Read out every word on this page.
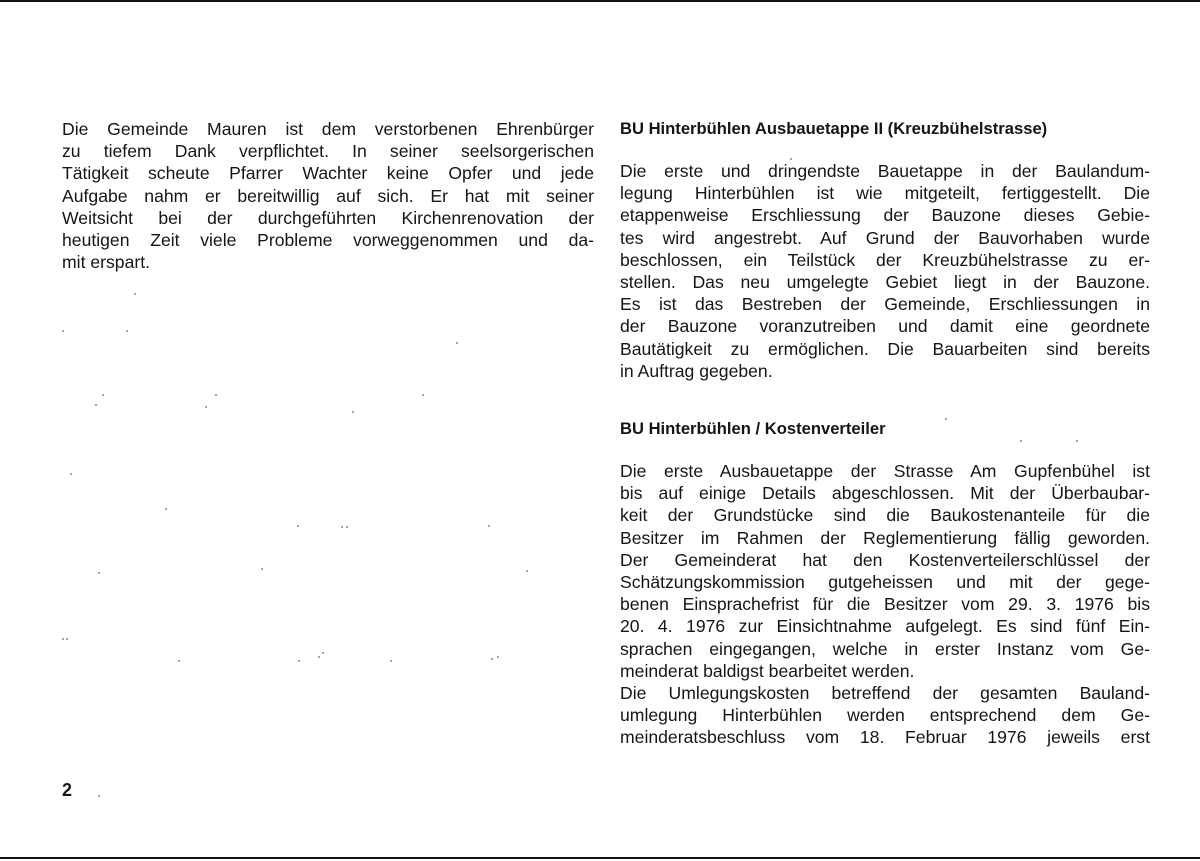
Die Gemeinde Mauren ist dem verstorbenen Ehrenbürger
zu tiefem Dank verpflichtet. In seiner seelsorgerischen
Tätigkeit scheute Pfarrer Wachter keine Opfer und jede
Aufgabe nahm er bereitwillig auf sich. Er hat mit seiner
Weitsicht bei der durchgeführten Kirchenrenovation der
heutigen Zeit viele Probleme vorweggenommen und da-
mit erspart.
BU Hinterbühlen Ausbauetappe II (Kreuzbühelstrasse)
Die erste und dringendste Bauetappe in der Baulandum-
legung Hinterbühlen ist wie mitgeteilt, fertiggestellt. Die
etappenweise Erschliessung der Bauzone dieses Gebie-
tes wird angestrebt. Auf Grund der Bauvorhaben wurde
beschlossen, ein Teilstück der Kreuzbühelstrasse zu er-
stellen. Das neu umgelegte Gebiet liegt in der Bauzone.
Es ist das Bestreben der Gemeinde, Erschliessungen in
der Bauzone voranzutreiben und damit eine geordnete
Bautätigkeit zu ermöglichen. Die Bauarbeiten sind bereits
in Auftrag gegeben.
BU Hinterbühlen / Kostenverteiler
Die erste Ausbauetappe der Strasse Am Gupfenbühel ist
bis auf einige Details abgeschlossen. Mit der Überbaubar-
keit der Grundstücke sind die Baukostenanteile für die
Besitzer im Rahmen der Reglementierung fällig geworden.
Der Gemeinderat hat den Kostenverteilerschlüssel der
Schätzungskommission gutgeheissen und mit der gege-
benen Einsprachefrist für die Besitzer vom 29. 3. 1976 bis
20. 4. 1976 zur Einsichtnahme aufgelegt. Es sind fünf Ein-
sprachen eingegangen, welche in erster Instanz vom Ge-
meinderat baldigst bearbeitet werden.
Die Umlegungskosten betreffend der gesamten Bauland-
umlegung Hinterbühlen werden entsprechend dem Ge-
meinderatsbeschluss vom 18. Februar 1976 jeweils erst
2
